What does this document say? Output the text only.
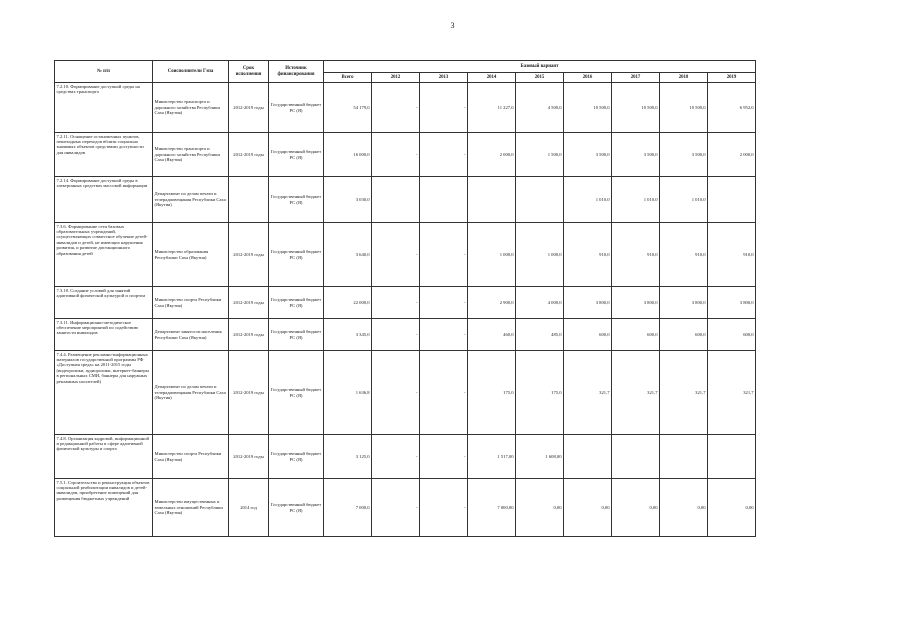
3
№ п/п	Соисполнители Гэпа	Срок исполнения	Источник финансирования	Базовый вариант								
				Всего	2012	2013	2014	2015	2016	2017	2018	2019
7.2.10. Формирование доступной среды на средствах транспорта	Министерство транспорта и дорожного хозяйства Республики Саха (Якутия)	2012-2019 годы	Государственный бюджет РС (Я)	54 179,0	-	-	11 227,0	4 500,0	10 500,0	10 500,0	10 500,0	6 952,0
7.2.11. Оснащение остановочных пунктов, пешеходных переходов вблизи социально значимых объектов средствами доступности для инвалидов	Министерство транспорта и дорожного хозяйства Республики Саха (Якутия)	2012-2019 годы	Государственный бюджет РС (Я)	16 000,0	-	-	2 000,0	1 500,0	3 500,0	3 500,0	3 500,0	2 000,0
7.2.14. Формирование доступной среды в электронных средствах массовой информации	Департамент по делам печати и телерадиовещания Республики Саха (Якутия)		Государственный бюджет РС (Я)	3 030,0					1 010,0	1 010,0	1 010,0	
7.3.6. Формирование сети базовых образовательных учреждений, осуществляющих совместное обучение детей-инвалидов и детей, не имеющих нарушения развития, и развитие дистанционного образования детей	Министерство образования Республики Саха (Якутия)	2012-2019 годы	Государственный бюджет РС (Я)	3 640,0	-	-	1 000,0	1 000,0	910,0	910,0	910,0	910,0
7.3.10. Создание условий для занятий адаптивной физической культурой и спортом	Министерство спорта Республики Саха (Якутия)	2012-2019 годы	Государственный бюджет РС (Я)	22 000,0	-	-	2 900,0	4 000,0	3 800,0	3 800,0	3 800,0	3 800,0
7.3.11. Информационно-методическое обеспечение мероприятий по содействию занятости инвалидов	Департамент занятости населения Республики Саха (Якутия)	2012-2019 годы	Государственный бюджет РС (Я)	3 345,0	-	-	460,0	485,0	600,0	600,0	600,0	600,0
7.4.4. Размещение рекламно-информационных материалов государственной программы РФ «Доступная среда» на 2011-2015 годы (видеоролики, аудиоролики, интернет-баннеры в региональных СМИ, баннеры для наружных рекламных носителей)	Департамент по делам печати и телерадиовещания Республики Саха (Якутия)	2012-2019 годы	Государственный бюджет РС (Я)	1 636,8	-	-	175,0	175,0	321,7	321,7	321,7	321,7
7.4.8. Организация кадровой, информационной и редакционной работы в сфере адаптивной физической культуры и спорта	Министерство спорта Республики Саха (Якутия)	2012-2019 годы	Государственный бюджет РС (Я)	3 125,0	-	-	1 517,00	1 608,00				
7.5.1. Строительство и реконструкция объектов социальной реабилитации инвалидов и детей-инвалидов, приобретение помещений для размещения бюджетных учреждений	Министерство имущественных и земельных отношений Республики Саха (Якутия)	2014 год	Государственный бюджет РС (Я)	7 000,0	-	-	7 000,00	0,00	0,00	0,00	0,00	0,00
